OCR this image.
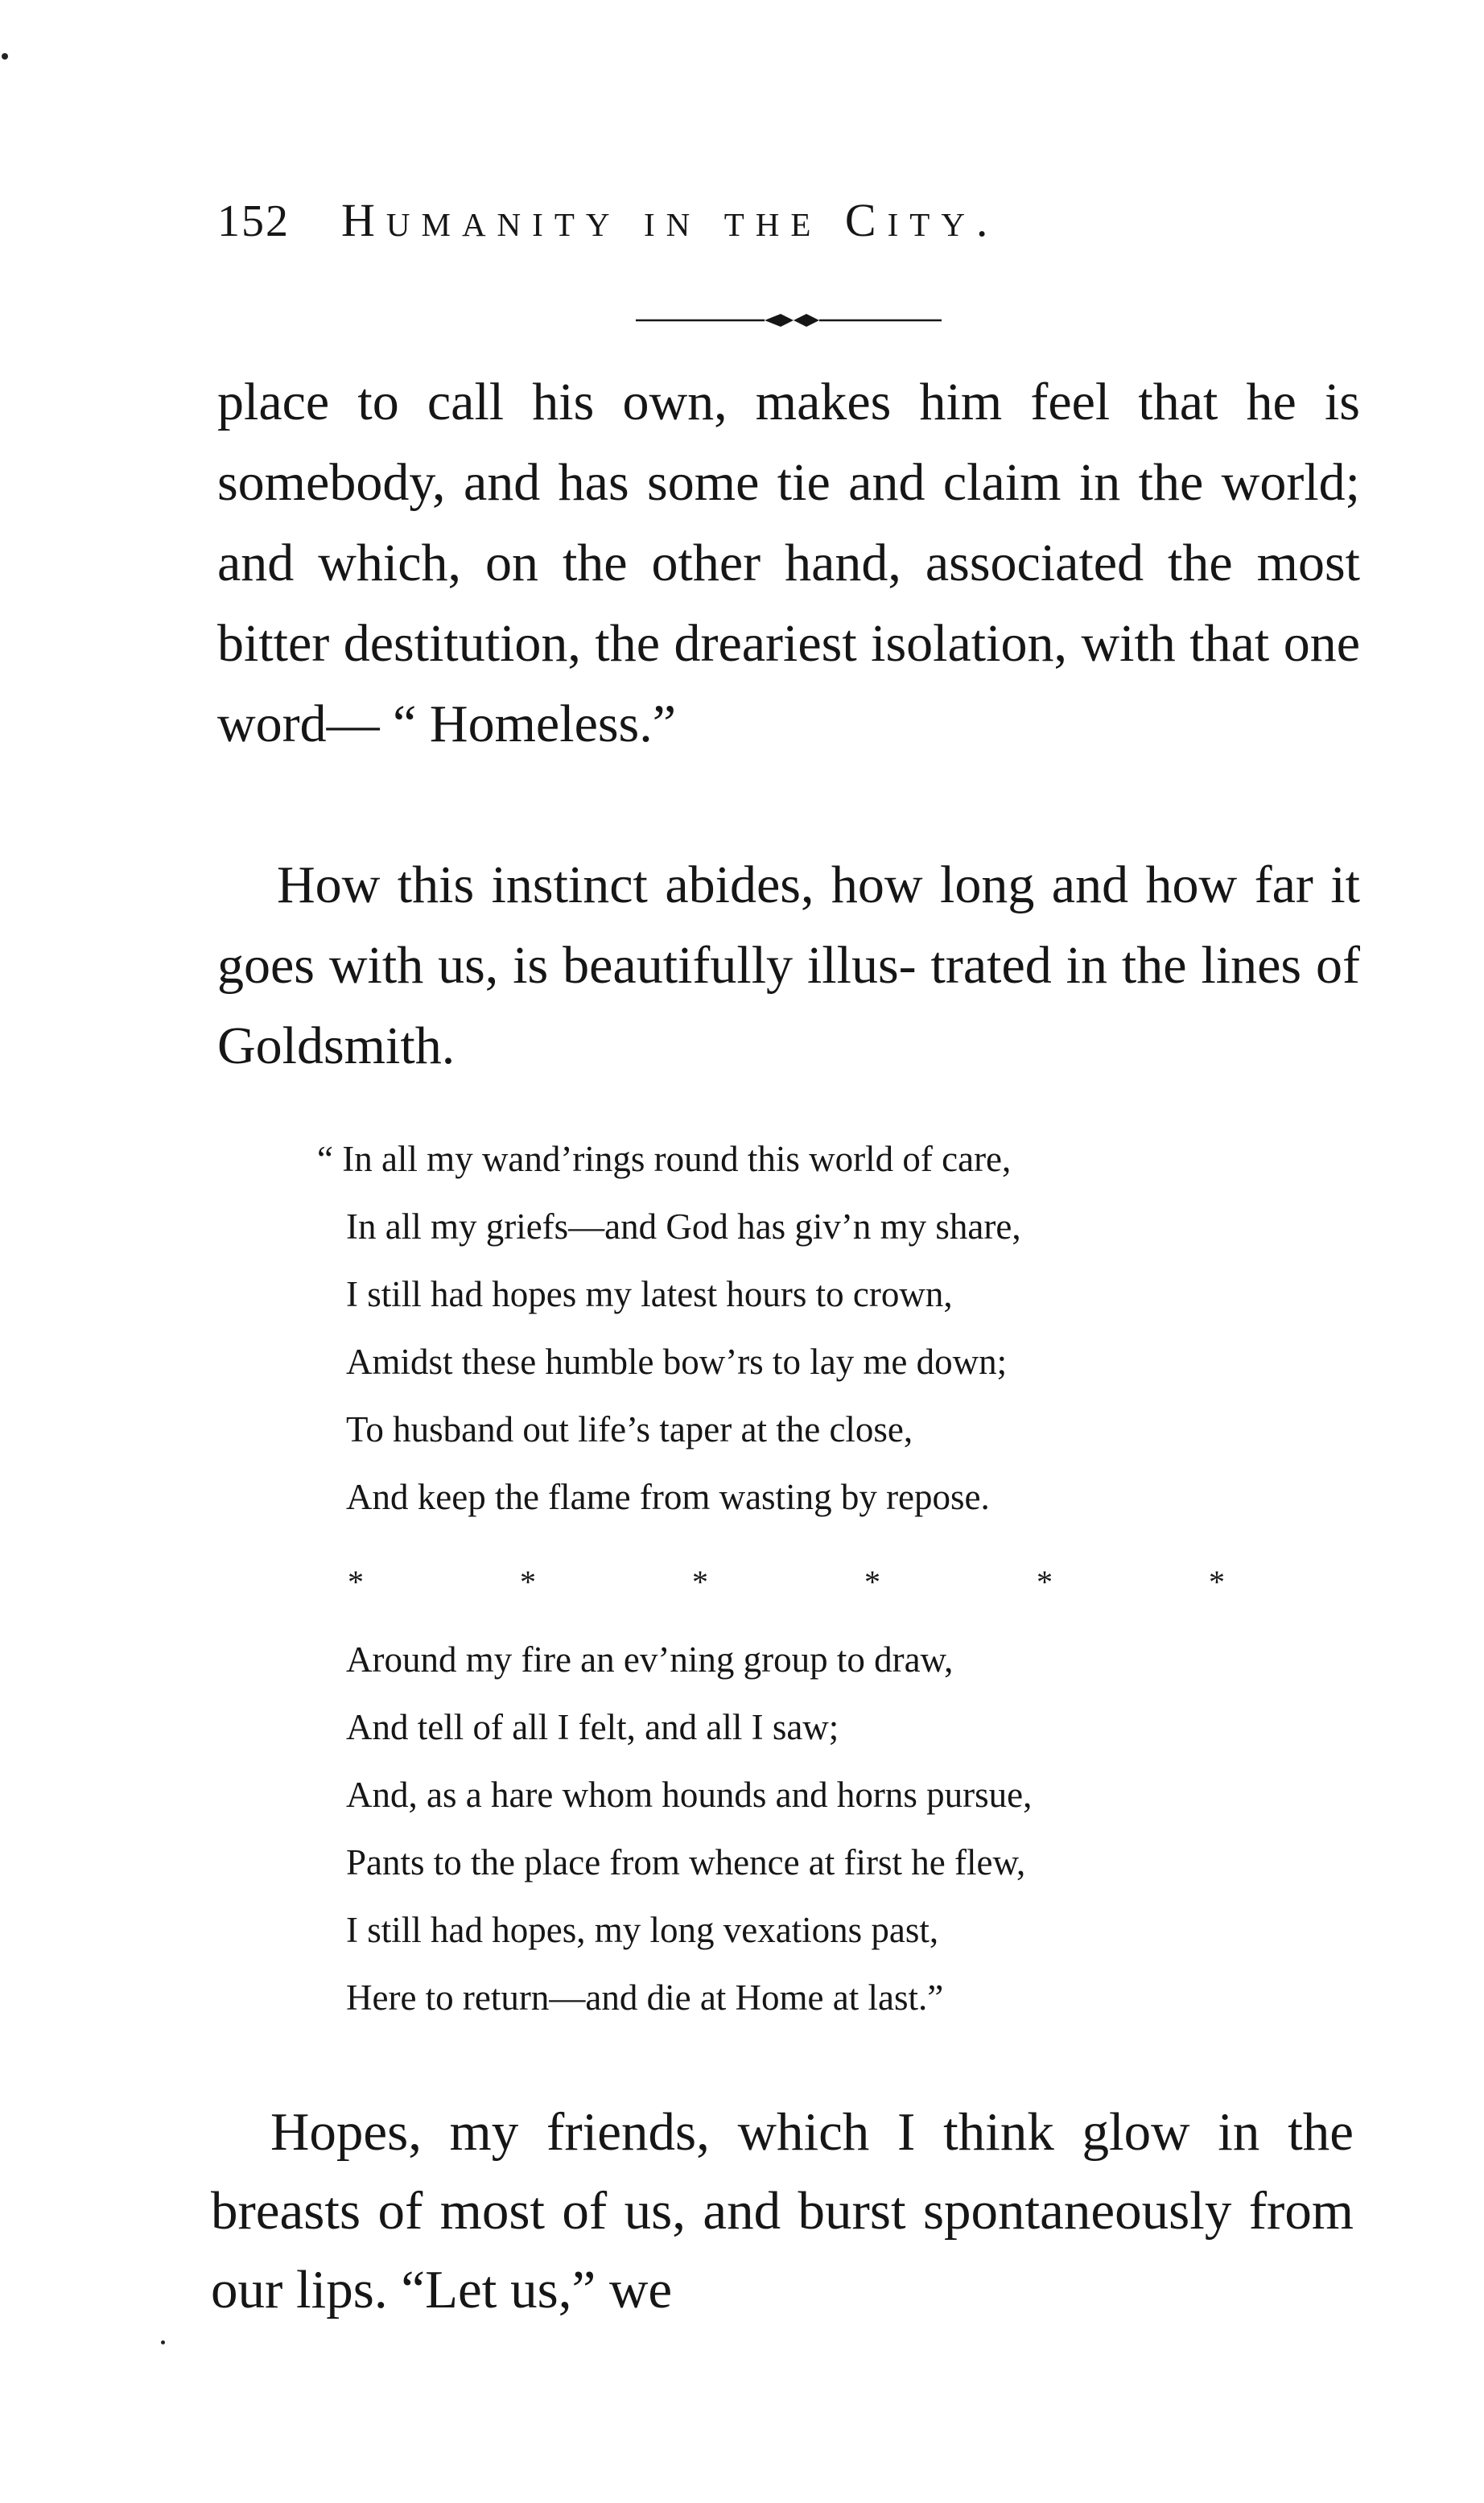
152 Humanity in the City.

place to call his own, makes him feel that he is somebody, and has some tie and claim in the world; and which, on the other hand, associated the most bitter destitution, the dreariest isolation, with that one word— “ Homeless.”

How this instinct abides, how long and how far it goes with us, is beautifully illus- trated in the lines of Goldsmith.

“ In all my wand’rings round this world of care,
In all my griefs—and God has giv’n my share,
I still had hopes my latest hours to crown,
Amidst these humble bow’rs to lay me down;
To husband out life’s taper at the close,
And keep the flame from wasting by repose.
*	*	*	*	*	*
Around my fire an ev’ning group to draw,
And tell of all I felt, and all I saw;
And, as a hare whom hounds and horns pursue,
Pants to the place from whence at first he flew,
I still had hopes, my long vexations past,
Here to return—and die at Home at last.”

Hopes, my friends, which I think glow in the breasts of most of us, and burst spontaneously from our lips. “Let us,” we
